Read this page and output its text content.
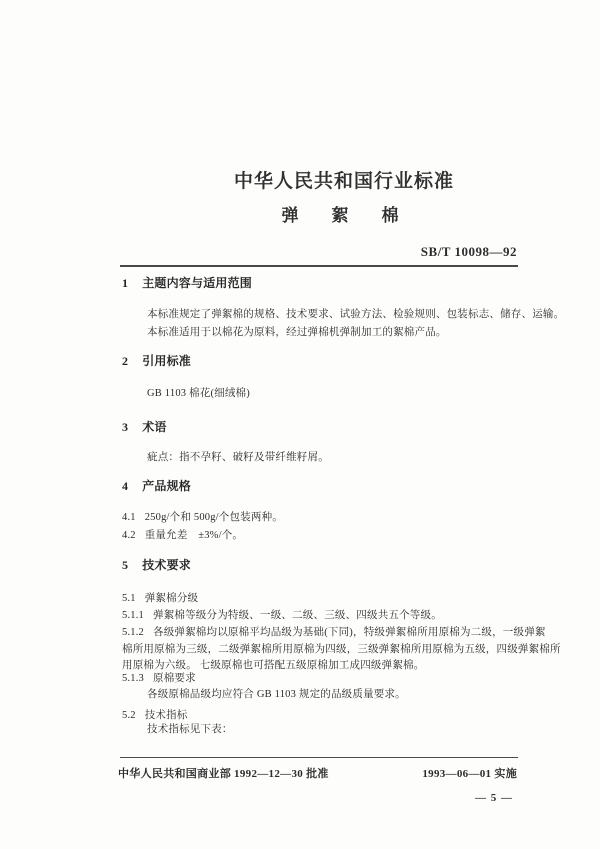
中华人民共和国行业标准
弹　絮　棉
SB/T 10098—92
1 主题内容与适用范围
本标准规定了弹絮棉的规格、技术要求、试验方法、检验规则、包装标志、储存、运输。
本标准适用于以棉花为原料，经过弹棉机弹制加工的絮棉产品。
2 引用标准
GB 1103 棉花(细绒棉)
3 术语
疵点：指不孕籽、破籽及带纤维籽屑。
4 产品规格
4.1 250g/个和 500g/个包装两种。
4.2 重量允差　±3%/个。
5 技术要求
5.1 弹絮棉分级
5.1.1 弹絮棉等级分为特级、一级、二级、三级、四级共五个等级。
5.1.2 各级弹絮棉均以原棉平均品级为基础(下同)，特级弹絮棉所用原棉为二级，一级弹絮
棉所用原棉为三级，二级弹絮棉所用原棉为四级，三级弹絮棉所用原棉为五级，四级弹絮棉所
用原棉为六级。 七级原棉也可搭配五级原棉加工成四级弹絮棉。
5.1.3 原棉要求
各级原棉品级均应符合 GB 1103 规定的品级质量要求。
5.2 技术指标
技术指标见下表：
中华人民共和国商业部 1992—12—30 批准	1993—06—01 实施
— 5 —
